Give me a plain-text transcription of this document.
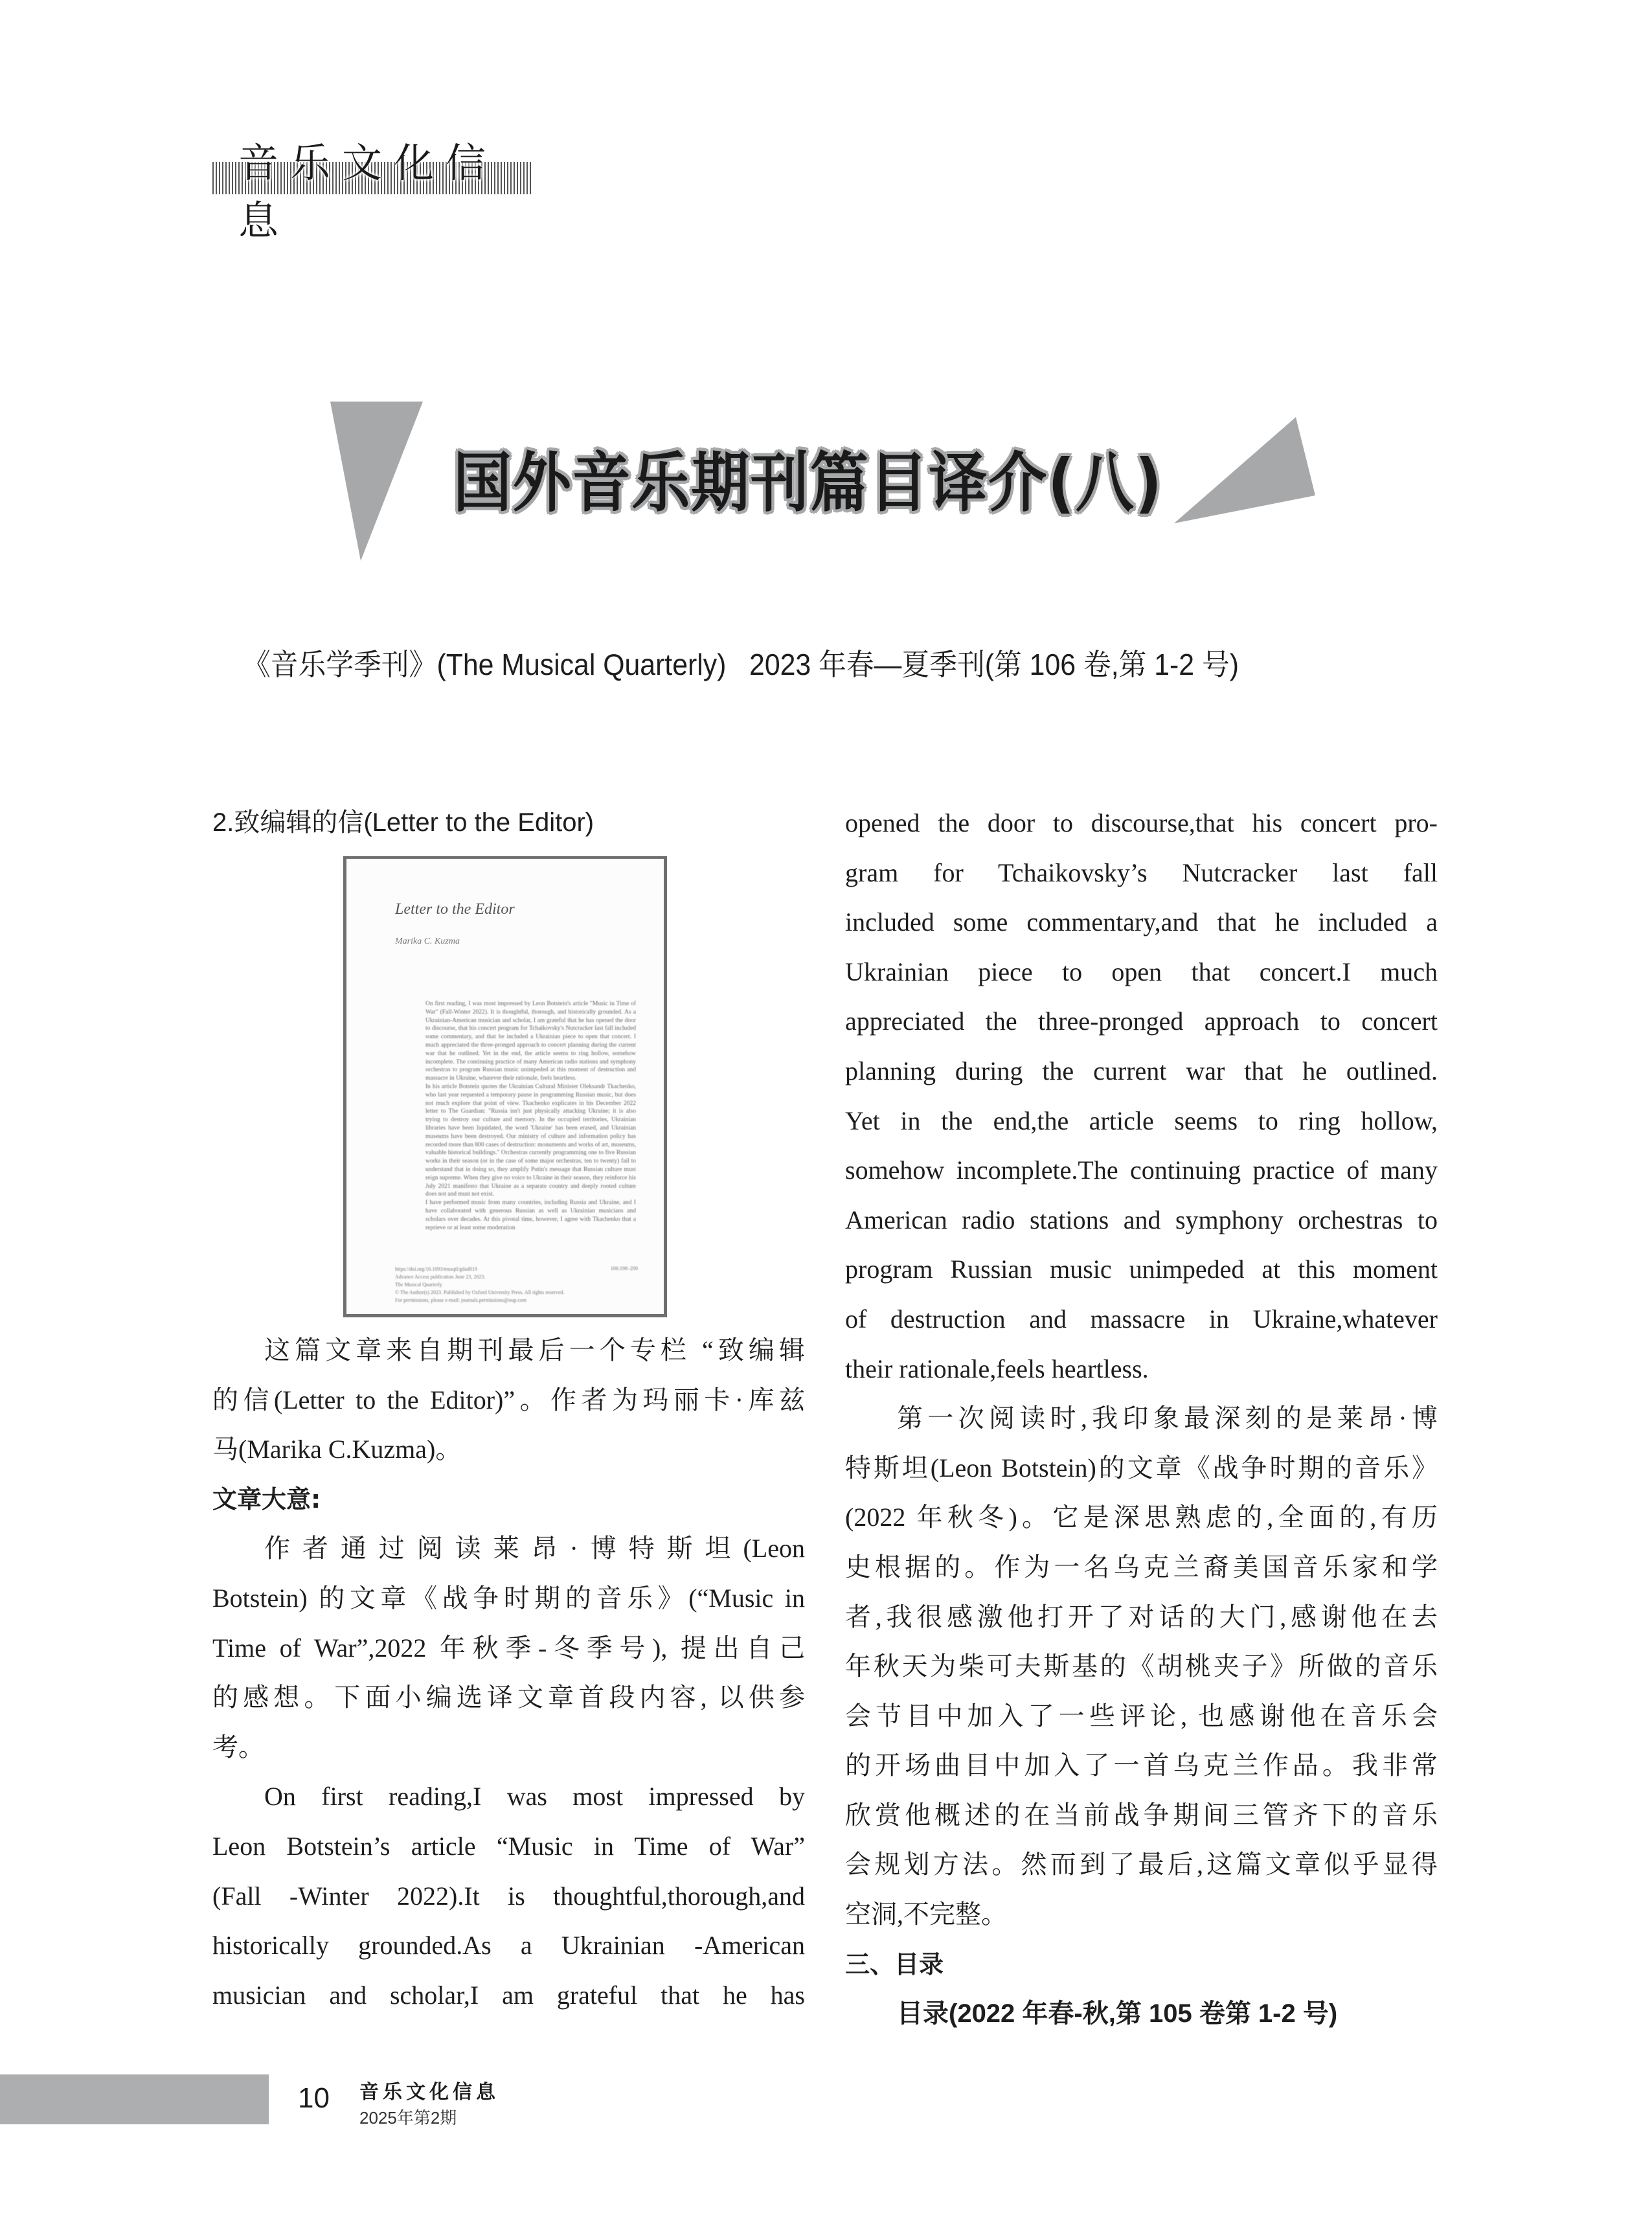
音乐文化信息
国外音乐期刊篇目译介(八)
《音乐学季刊》(The Musical Quarterly)   2023 年春—夏季刊(第 106 卷,第 1-2 号)
2.致编辑的信(Letter to the Editor)
Letter to the Editor
Marika C. Kuzma
On first reading, I was most impressed by Leon Botstein's article "Music in Time of War" (Fall-Winter 2022). It is thoughtful, thorough, and historically grounded. As a Ukrainian-American musician and scholar, I am grateful that he has opened the door to discourse, that his concert program for Tchaikovsky's Nutcracker last fall included some commentary, and that he included a Ukrainian piece to open that concert. I much appreciated the three-pronged approach to concert planning during the current war that he outlined. Yet in the end, the article seems to ring hollow, somehow incomplete. The continuing practice of many American radio stations and symphony orchestras to program Russian music unimpeded at this moment of destruction and massacre in Ukraine, whatever their rationale, feels heartless.
In his article Botstein quotes the Ukrainian Cultural Minister Oleksandr Tkachenko, who last year requested a temporary pause in programming Russian music, but does not much explore that point of view. Tkachenko explicates in his December 2022 letter to The Guardian: "Russia isn't just physically attacking Ukraine; it is also trying to destroy our culture and memory. In the occupied territories, Ukrainian libraries have been liquidated, the word 'Ukraine' has been erased, and Ukrainian museums have been destroyed. Our ministry of culture and information policy has recorded more than 800 cases of destruction: monuments and works of art, museums, valuable historical buildings." Orchestras currently programming one to five Russian works in their season (or in the case of some major orchestras, ten to twenty) fail to understand that in doing so, they amplify Putin's message that Russian culture must reign supreme. When they give no voice to Ukraine in their season, they reinforce his July 2021 manifesto that Ukraine as a separate country and deeply rooted culture does not and must not exist.
I have performed music from many countries, including Russia and Ukraine, and I have collaborated with generous Russian as well as Ukrainian musicians and scholars over decades. At this pivotal time, however, I agree with Tkachenko that a reprieve or at least some moderation
https://doi.org/10.1093/musqtl/gdad019
Advance Access publication June 23, 2023.
The Musical Quarterly
© The Author(s) 2023. Published by Oxford University Press. All rights reserved.
For permissions, please e-mail: journals.permissions@oup.com
106:198–200

这篇文章来自期刊最后一个专栏 “致编辑
的信(Letter to the Editor)”。作者为玛丽卡·库兹
马(Marika C.Kuzma)。

文章大意:

作者通过阅读莱昂·博特斯坦(Leon
Botstein) 的文章《战争时期的音乐》(“Music in
Time of War”,2022 年秋季-冬季号), 提出自己
的感想。下面小编选译文章首段内容, 以供参
考。

On first reading,I was most impressed by
Leon Botstein’s article “Music in Time of War”
(Fall -Winter 2022).It is thoughtful,thorough,and
historically grounded.As a Ukrainian -American
musician and scholar,I am grateful that he has

opened the door to discourse,that his concert pro-
gram for Tchaikovsky’s Nutcracker last fall
included some commentary,and that he included a
Ukrainian piece to open that concert.I much
appreciated the three-pronged approach to concert
planning during the current war that he outlined.
Yet in the end,the article seems to ring hollow,
somehow incomplete.The continuing practice of many
American radio stations and symphony orchestras to
program Russian music unimpeded at this moment
of destruction and massacre in Ukraine,whatever
their rationale,feels heartless.

第一次阅读时,我印象最深刻的是莱昂·博
特斯坦(Leon Botstein)的文章《战争时期的音乐》
(2022 年秋冬)。它是深思熟虑的,全面的,有历
史根据的。作为一名乌克兰裔美国音乐家和学
者,我很感激他打开了对话的大门,感谢他在去
年秋天为柴可夫斯基的《胡桃夹子》所做的音乐
会节目中加入了一些评论, 也感谢他在音乐会
的开场曲目中加入了一首乌克兰作品。我非常
欣赏他概述的在当前战争期间三管齐下的音乐
会规划方法。然而到了最后,这篇文章似乎显得
空洞,不完整。

三、目录
目录(2022 年春-秋,第 105 卷第 1-2 号)
10 音乐文化信息
2025年第2期
